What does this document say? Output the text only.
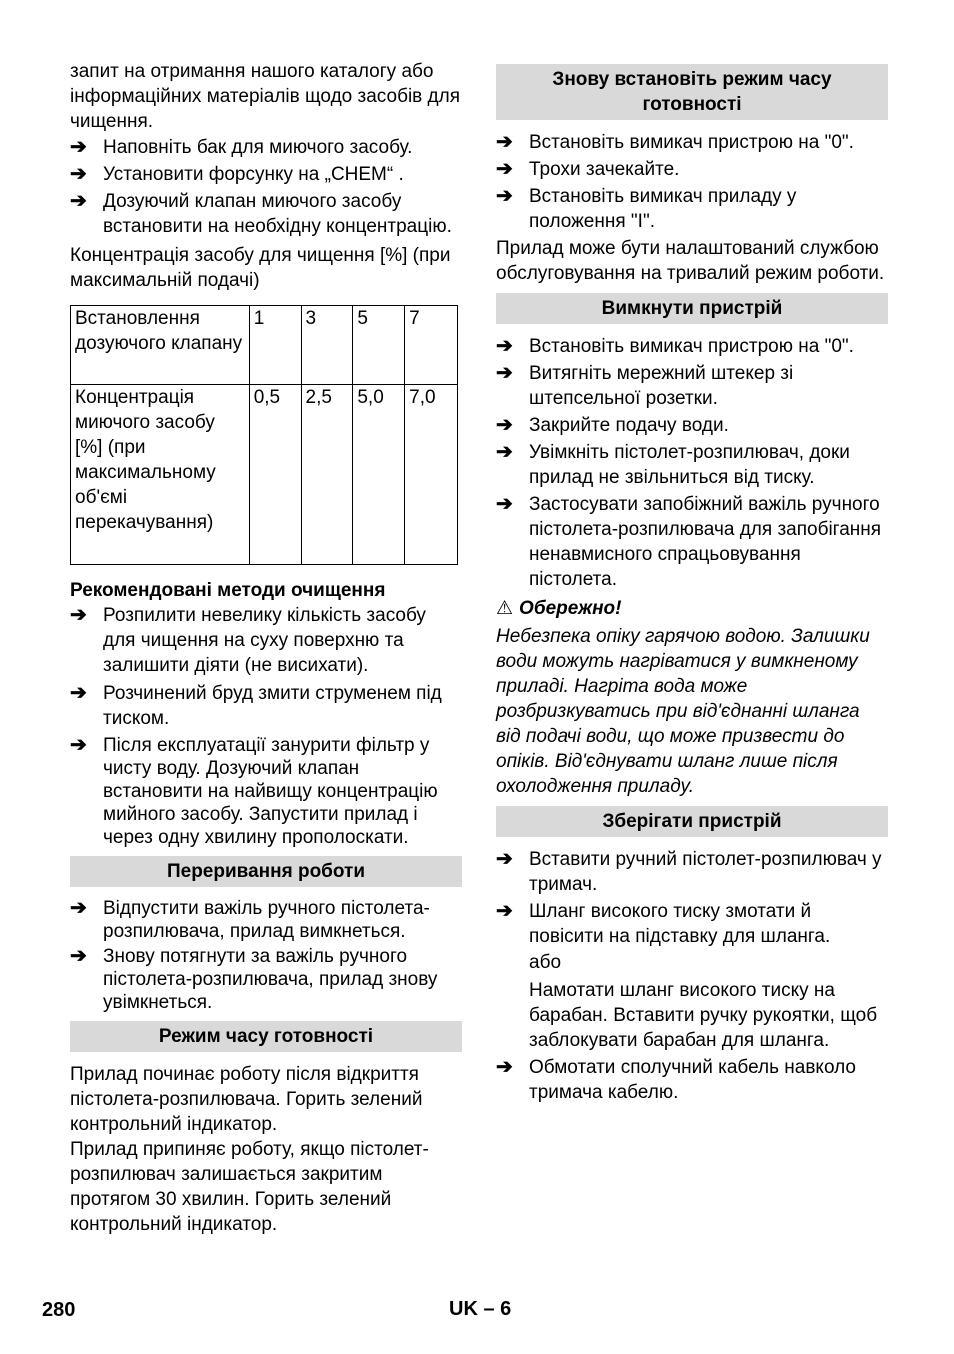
запит на отримання нашого каталогу або інформаційних матеріалів щодо засобів для чищення.

➔ Наповніть бак для миючого засобу.
➔ Установити форсунку на „CHEM“ .
➔ Дозуючий клапан миючого засобу встановити на необхідну концентрацію.

Концентрація засобу для чищення [%] (при максимальній подачі)

Встановлення дозуючого клапану	1	3	5	7
Концентрація миючого засобу [%] (при максимальному об'ємі перекачування)	0,5	2,5	5,0	7,0

Рекомендовані методи очищення

➔ Розпилити невелику кількість засобу для чищення на суху поверхню та залишити діяти (не висихати).
➔ Розчинений бруд змити струменем під тиском.
➔ Після експлуатації занурити фільтр у чисту воду. Дозуючий клапан встановити на найвищу концентрацію мийного засобу. Запустити прилад і через одну хвилину прополоскати.
Переривання роботи
➔ Відпустити важіль ручного пістолета-розпилювача, прилад вимкнеться.
➔ Знову потягнути за важіль ручного пістолета-розпилювача, прилад знову увімкнеться.
Режим часу готовності

Прилад починає роботу після відкриття пістолета-розпилювача. Горить зелений контрольний індикатор.

Прилад припиняє роботу, якщо пістолет-розпилювач залишається закритим протягом 30 хвилин. Горить зелений контрольний індикатор.

Знову встановіть режим часу готовності
➔ Встановіть вимикач пристрою на "0".
➔ Трохи зачекайте.
➔ Встановіть вимикач приладу у положення "I".

Прилад може бути налаштований службою обслуговування на тривалий режим роботи.

Вимкнути пристрій
➔ Встановіть вимикач пристрою на "0".
➔ Витягніть мережний штекер зі штепсельної розетки.
➔ Закрийте подачу води.
➔ Увімкніть пістолет-розпилювач, доки прилад не звільниться від тиску.
➔ Застосувати запобіжний важіль ручного пістолета-розпилювача для запобігання ненавмисного спрацьовування пістолета.

⚠ Обережно!

Небезпека опіку гарячою водою. Залишки води можуть нагріватися у вимкненому приладі. Нагріта вода може розбризкуватись при від'єднанні шланга від подачі води, що може призвести до опіків. Від'єднувати шланг лише після охолодження приладу.

Зберігати пристрій
➔ Вставити ручний пістолет-розпилювач у тримач.
➔ Шланг високого тиску змотати й повісити на підставку для шланга.
або
Намотати шланг високого тиску на барабан. Вставити ручку рукоятки, щоб заблокувати барабан для шланга.
➔ Обмотати сполучний кабель навколо тримача кабелю.
280	UK – 6
